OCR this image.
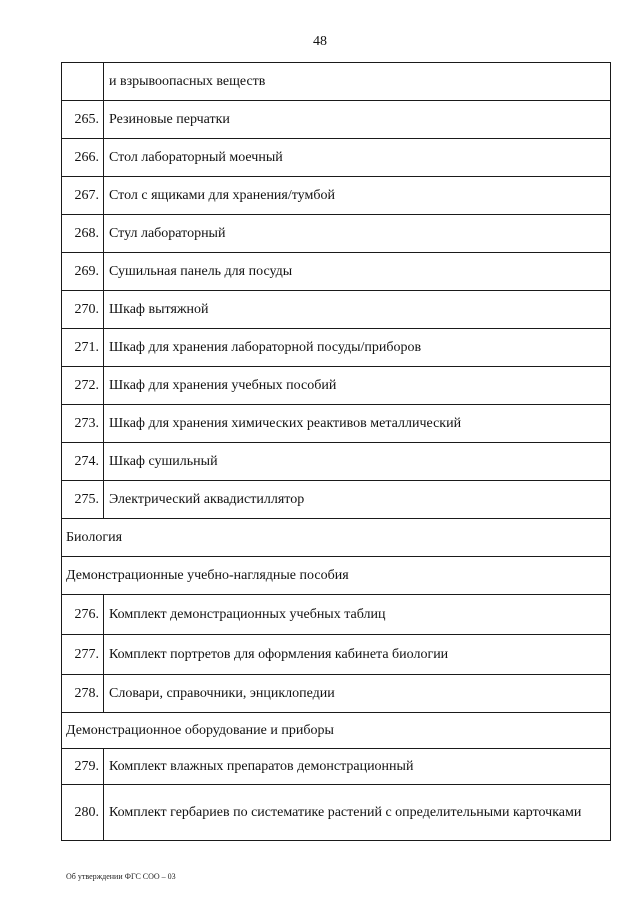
48
	и взрывоопасных веществ
265.	Резиновые перчатки
266.	Стол лабораторный моечный
267.	Стол с ящиками для хранения/тумбой
268.	Стул лабораторный
269.	Сушильная панель для посуды
270.	Шкаф вытяжной
271.	Шкаф для хранения лабораторной посуды/приборов
272.	Шкаф для хранения учебных пособий
273.	Шкаф для хранения химических реактивов металлический
274.	Шкаф сушильный
275.	Электрический аквадистиллятор
Биология	
Демонстрационные учебно-наглядные пособия	
276.	Комплект демонстрационных учебных таблиц
277.	Комплект портретов для оформления кабинета биологии
278.	Словари, справочники, энциклопедии
Демонстрационное оборудование и приборы	
279.	Комплект влажных препаратов демонстрационный
280.	Комплект гербариев по систематике растений с определительными карточками
Об утверждении ФГС СОО – 03
